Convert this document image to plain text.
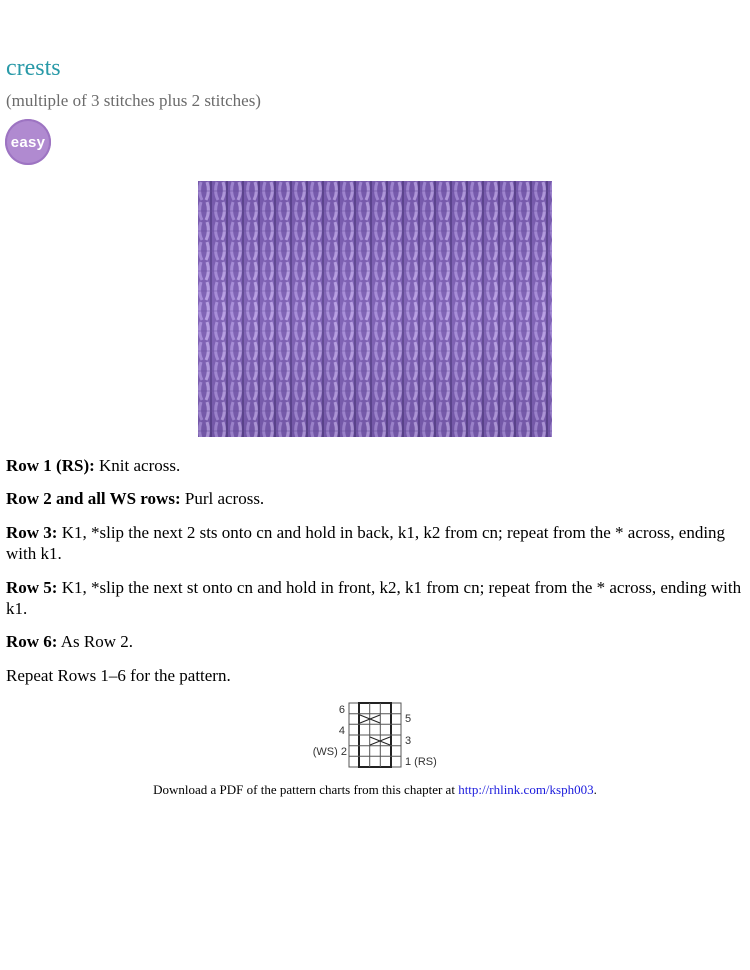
crests
(multiple of 3 stitches plus 2 stitches)
easy

Row 1 (RS): Knit across.

Row 2 and all WS rows: Purl across.

Row 3: K1, *slip the next 2 sts onto cn and hold in back, k1, k2 from cn; repeat from the * across, ending with k1.

Row 5: K1, *slip the next st onto cn and hold in front, k2, k1 from cn; repeat from the * across, ending with k1.

Row 6: As Row 2.

Repeat Rows 1–6 for the pattern.

6
4
(WS) 2
5
3
1 (RS)
Download a PDF of the pattern charts from this chapter at http://rhlink.com/ksph003.
